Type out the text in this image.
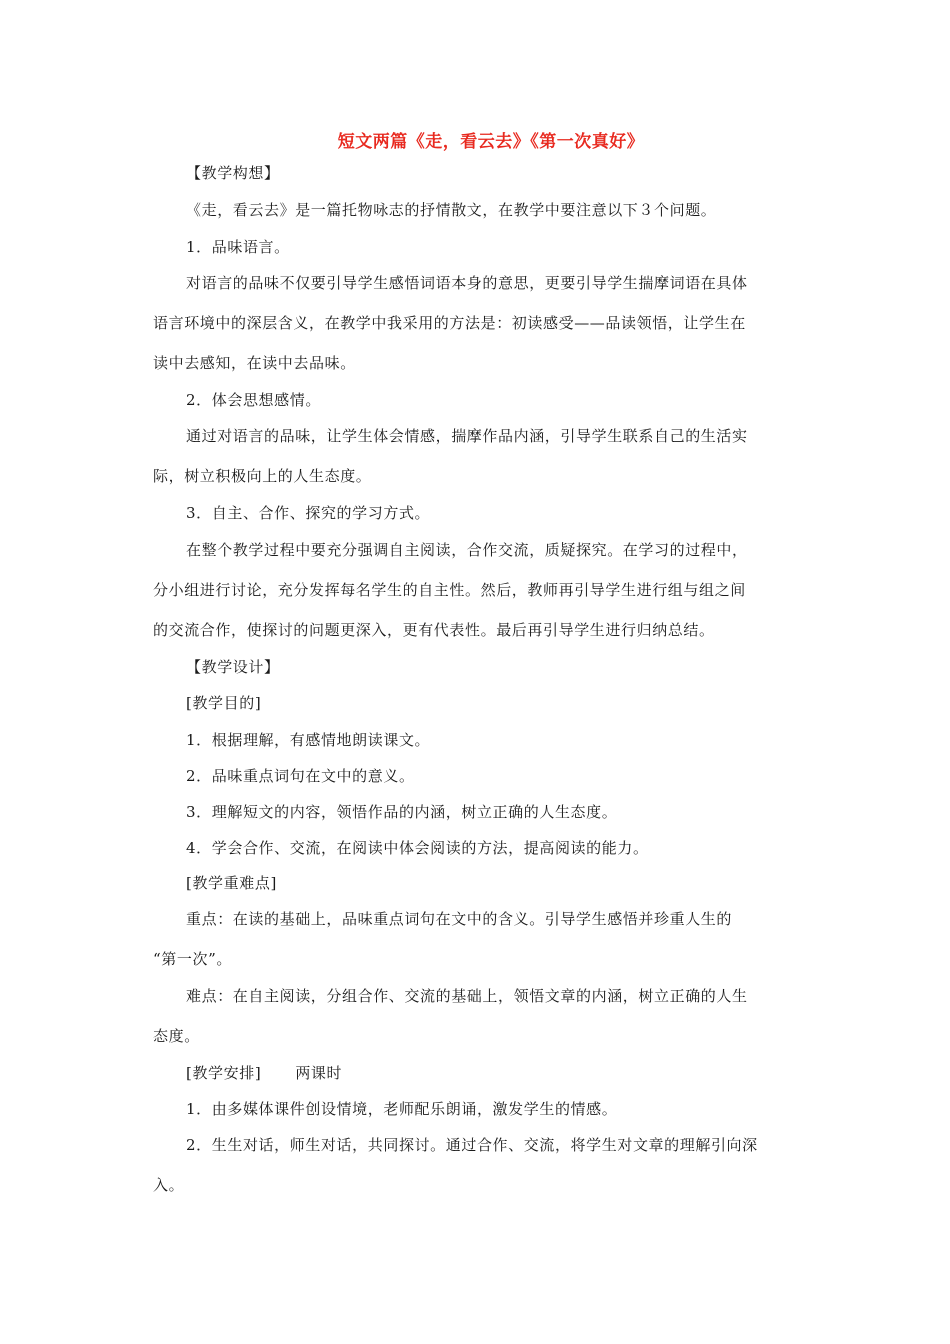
短文两篇《走，看云去》《第一次真好》
【教学构想】
《走，看云去》是一篇托物咏志的抒情散文，在教学中要注意以下３个问题。
1．品味语言。
对语言的品味不仅要引导学生感悟词语本身的意思，更要引导学生揣摩词语在具体
语言环境中的深层含义，在教学中我采用的方法是：初读感受——品读领悟，让学生在
读中去感知，在读中去品味。
2．体会思想感情。
通过对语言的品味，让学生体会情感，揣摩作品内涵，引导学生联系自己的生活实
际，树立积极向上的人生态度。
3．自主、合作、探究的学习方式。
在整个教学过程中要充分强调自主阅读，合作交流，质疑探究。在学习的过程中，
分小组进行讨论，充分发挥每名学生的自主性。然后，教师再引导学生进行组与组之间
的交流合作，使探讨的问题更深入，更有代表性。最后再引导学生进行归纳总结。
【教学设计】
[教学目的]
1．根据理解，有感情地朗读课文。
2．品味重点词句在文中的意义。
3．理解短文的内容，领悟作品的内涵，树立正确的人生态度。
4．学会合作、交流，在阅读中体会阅读的方法，提高阅读的能力。
[教学重难点]
重点：在读的基础上，品味重点词句在文中的含义。引导学生感悟并珍重人生的
“第一次”。
难点：在自主阅读，分组合作、交流的基础上，领悟文章的内涵，树立正确的人生
态度。
[教学安排] 两课时
1．由多媒体课件创设情境，老师配乐朗诵，激发学生的情感。
2．生生对话，师生对话，共同探讨。通过合作、交流，将学生对文章的理解引向深
入。
